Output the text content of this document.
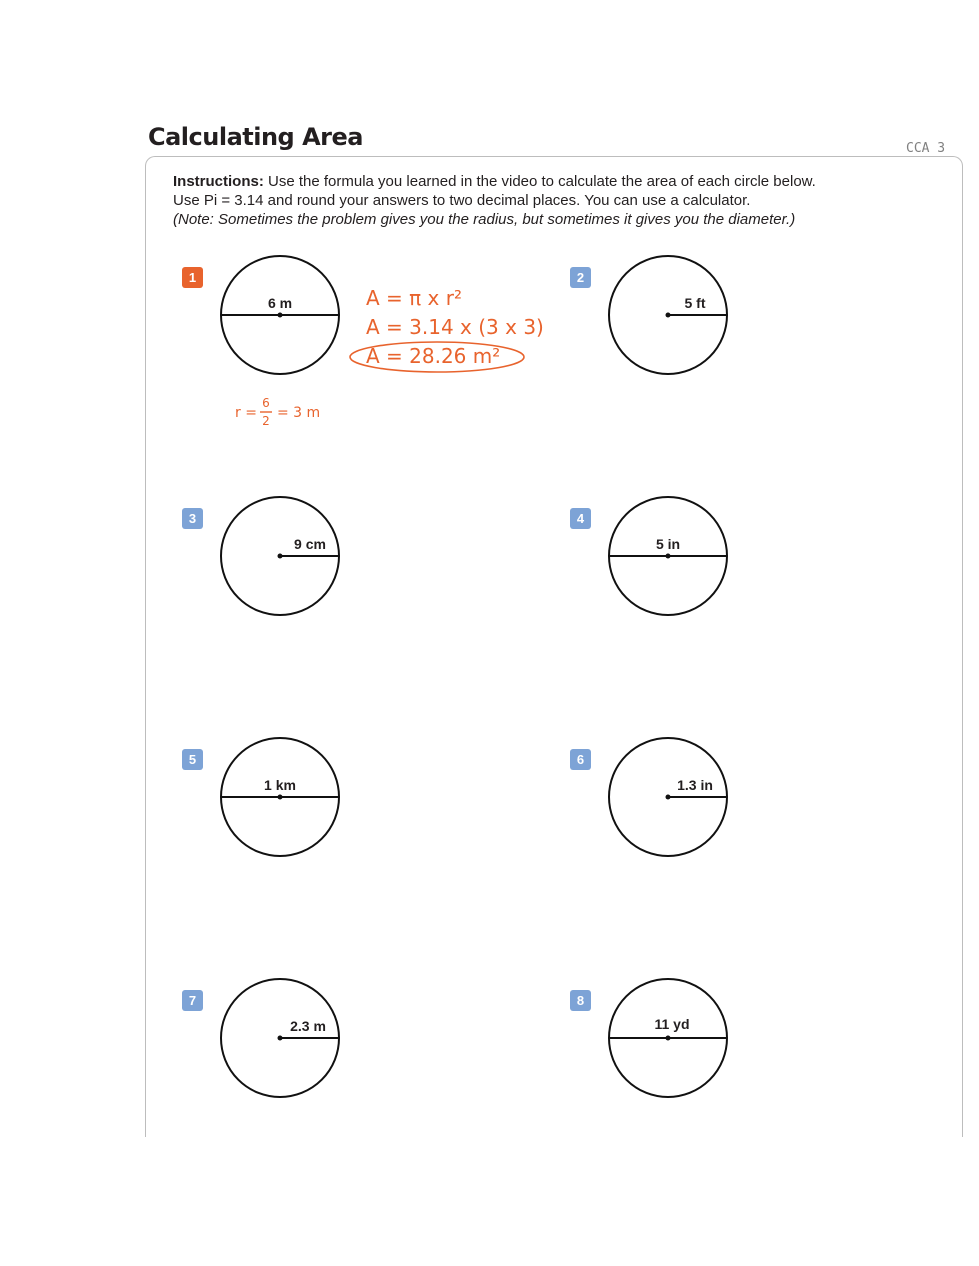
Calculating Area	CCA 3
Instructions: Use the formula you learned in the video to calculate the area of each circle below.
Use Pi = 3.14 and round your answers to two decimal places. You can use a calculator.
(Note: Sometimes the problem gives you the radius, but sometimes it gives you the diameter.)
1
6 m
2
5 ft
3
9 cm
4
5 in
5
1 km
6
1.3 in
7
2.3 m
8
11 yd
A = π x r²
A = 3.14 x (3 x 3)
A = 28.26 m²
r =
6
2 = 3 m
